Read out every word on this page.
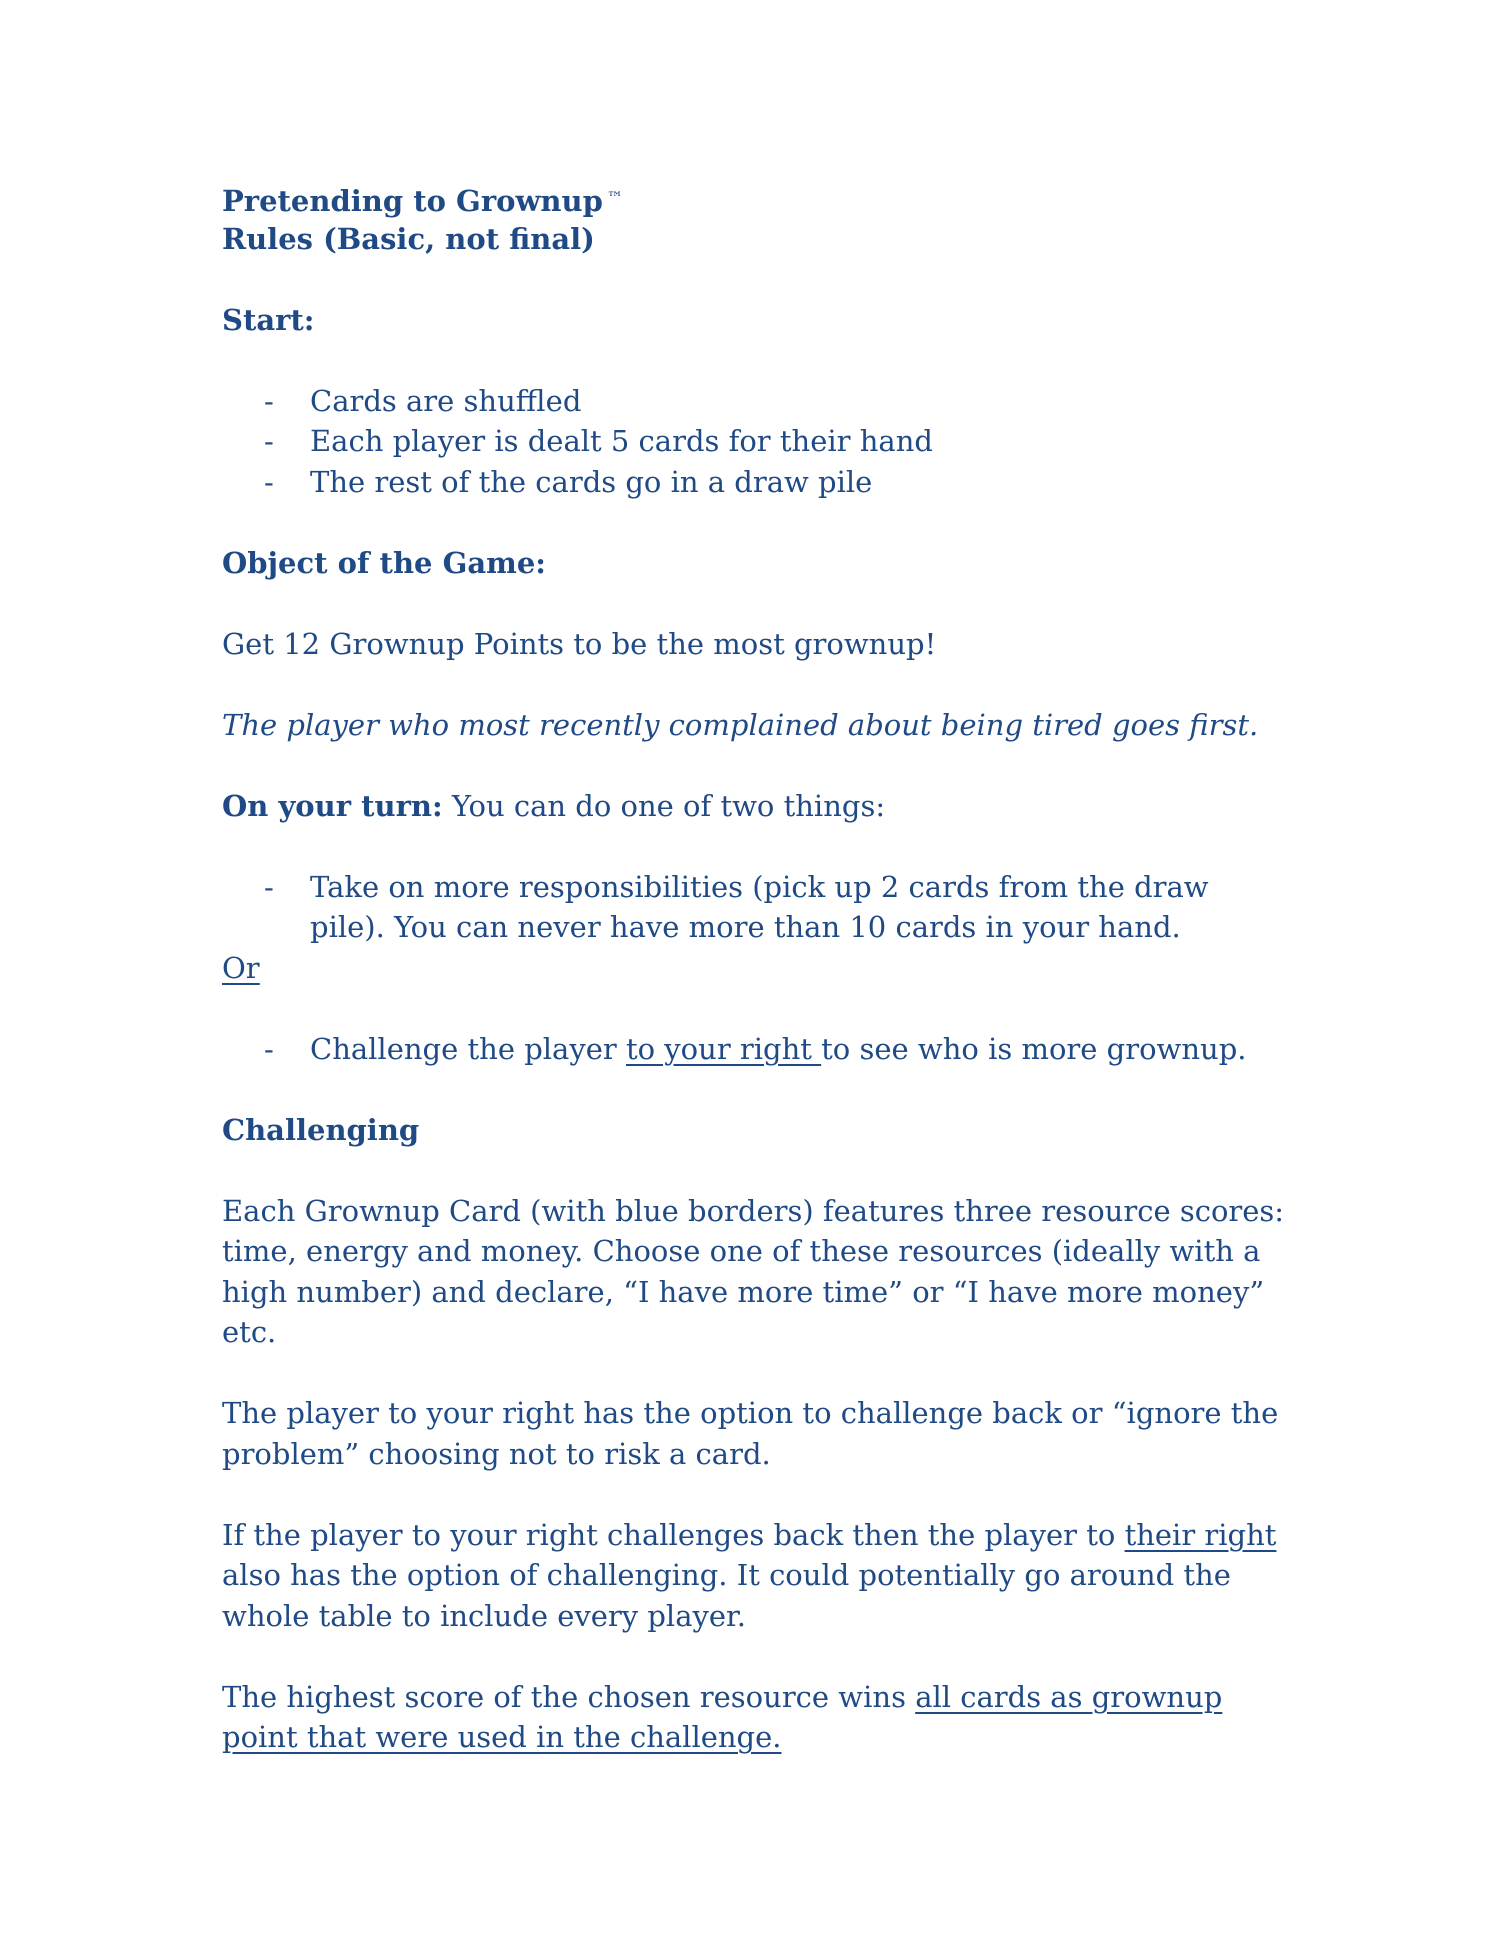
Pretending to Grownup ™
Rules (Basic, not final)
Start:
- Cards are shuffled
- Each player is dealt 5 cards for their hand
- The rest of the cards go in a draw pile
Object of the Game:
Get 12 Grownup Points to be the most grownup!
The player who most recently complained about being tired goes first.
On your turn: You can do one of two things:
- Take on more responsibilities (pick up 2 cards from the draw
pile). You can never have more than 10 cards in your hand.
Or
- Challenge the player to your right to see who is more grownup.
Challenging
Each Grownup Card (with blue borders) features three resource scores:
time, energy and money. Choose one of these resources (ideally with a
high number) and declare, “I have more time” or “I have more money”
etc.
The player to your right has the option to challenge back or “ignore the
problem” choosing not to risk a card.
If the player to your right challenges back then the player to their right
also has the option of challenging. It could potentially go around the
whole table to include every player.
The highest score of the chosen resource wins all cards as grownup
point that were used in the challenge.
